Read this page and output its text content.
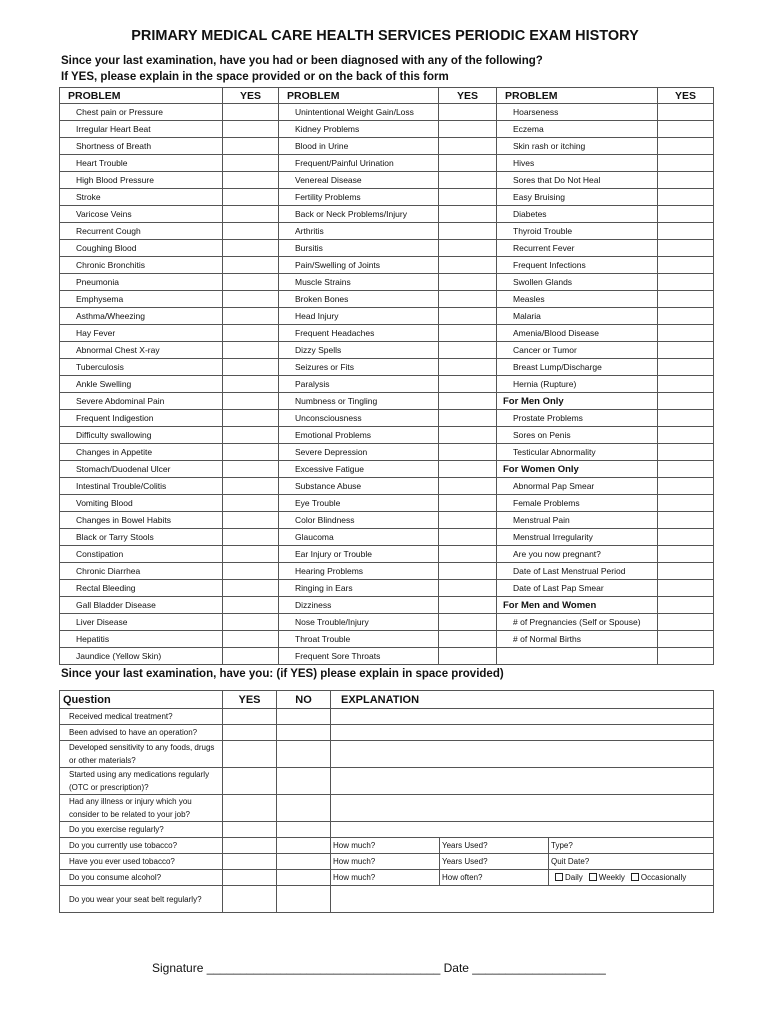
PRIMARY MEDICAL CARE HEALTH SERVICES PERIODIC EXAM HISTORY
Since your last examination, have you had or been diagnosed with any of the following?
If YES, please explain in the space provided or on the back of this form
PROBLEM	YES	PROBLEM	YES	PROBLEM	YES
Chest pain or Pressure		Unintentional Weight Gain/Loss		Hoarseness	
Irregular Heart Beat		Kidney Problems		Eczema	
Shortness of Breath		Blood in Urine		Skin rash or itching	
Heart Trouble		Frequent/Painful Urination		Hives	
High Blood Pressure		Venereal Disease		Sores that Do Not Heal	
Stroke		Fertility Problems		Easy Bruising	
Varicose Veins		Back or Neck Problems/Injury		Diabetes	
Recurrent Cough		Arthritis		Thyroid Trouble	
Coughing Blood		Bursitis		Recurrent Fever	
Chronic Bronchitis		Pain/Swelling of Joints		Frequent Infections	
Pneumonia		Muscle Strains		Swollen Glands	
Emphysema		Broken Bones		Measles	
Asthma/Wheezing		Head Injury		Malaria	
Hay Fever		Frequent Headaches		Amenia/Blood Disease	
Abnormal Chest X-ray		Dizzy Spells		Cancer or Tumor	
Tuberculosis		Seizures or Fits		Breast Lump/Discharge	
Ankle Swelling		Paralysis		Hernia (Rupture)	
Severe Abdominal Pain		Numbness or Tingling		For Men Only	
Frequent Indigestion		Unconsciousness		Prostate Problems	
Difficulty swallowing		Emotional Problems		Sores on Penis	
Changes in Appetite		Severe Depression		Testicular Abnormality	
Stomach/Duodenal Ulcer		Excessive Fatigue		For Women Only	
Intestinal Trouble/Colitis		Substance Abuse		Abnormal Pap Smear	
Vomiting Blood		Eye Trouble		Female Problems	
Changes in Bowel Habits		Color Blindness		Menstrual Pain	
Black or Tarry Stools		Glaucoma		Menstrual Irregularity	
Constipation		Ear Injury or Trouble		Are you now pregnant?	
Chronic Diarrhea		Hearing Problems		Date of Last Menstrual Period	
Rectal Bleeding		Ringing in Ears		Date of Last Pap Smear	
Gall Bladder Disease		Dizziness		For Men and Women	
Liver Disease		Nose Trouble/Injury		# of Pregnancies (Self or Spouse)	
Hepatitis		Throat Trouble		# of Normal Births	
Jaundice (Yellow Skin)		Frequent Sore Throats			
Since your last examination, have you: (if YES) please explain in space provided)
Question	YES	NO	EXPLANATION		
Received medical treatment?					
Been advised to have an operation?					
Developed sensitivity to any foods, drugs or other materials?					
Started using any medications regularly (OTC or prescription)?					
Had any illness or injury which you consider to be related to your job?					
Do you exercise regularly?					
Do you currently use tobacco?			How much?	Years Used?	Type?
Have you ever used tobacco?			How much?	Years Used?	Quit Date?
Do you consume alcohol?			How much?	How often?	Daily Weekly Occasionally
Do you wear your seat belt regularly?					
Signature ___________________________________ Date ____________________
